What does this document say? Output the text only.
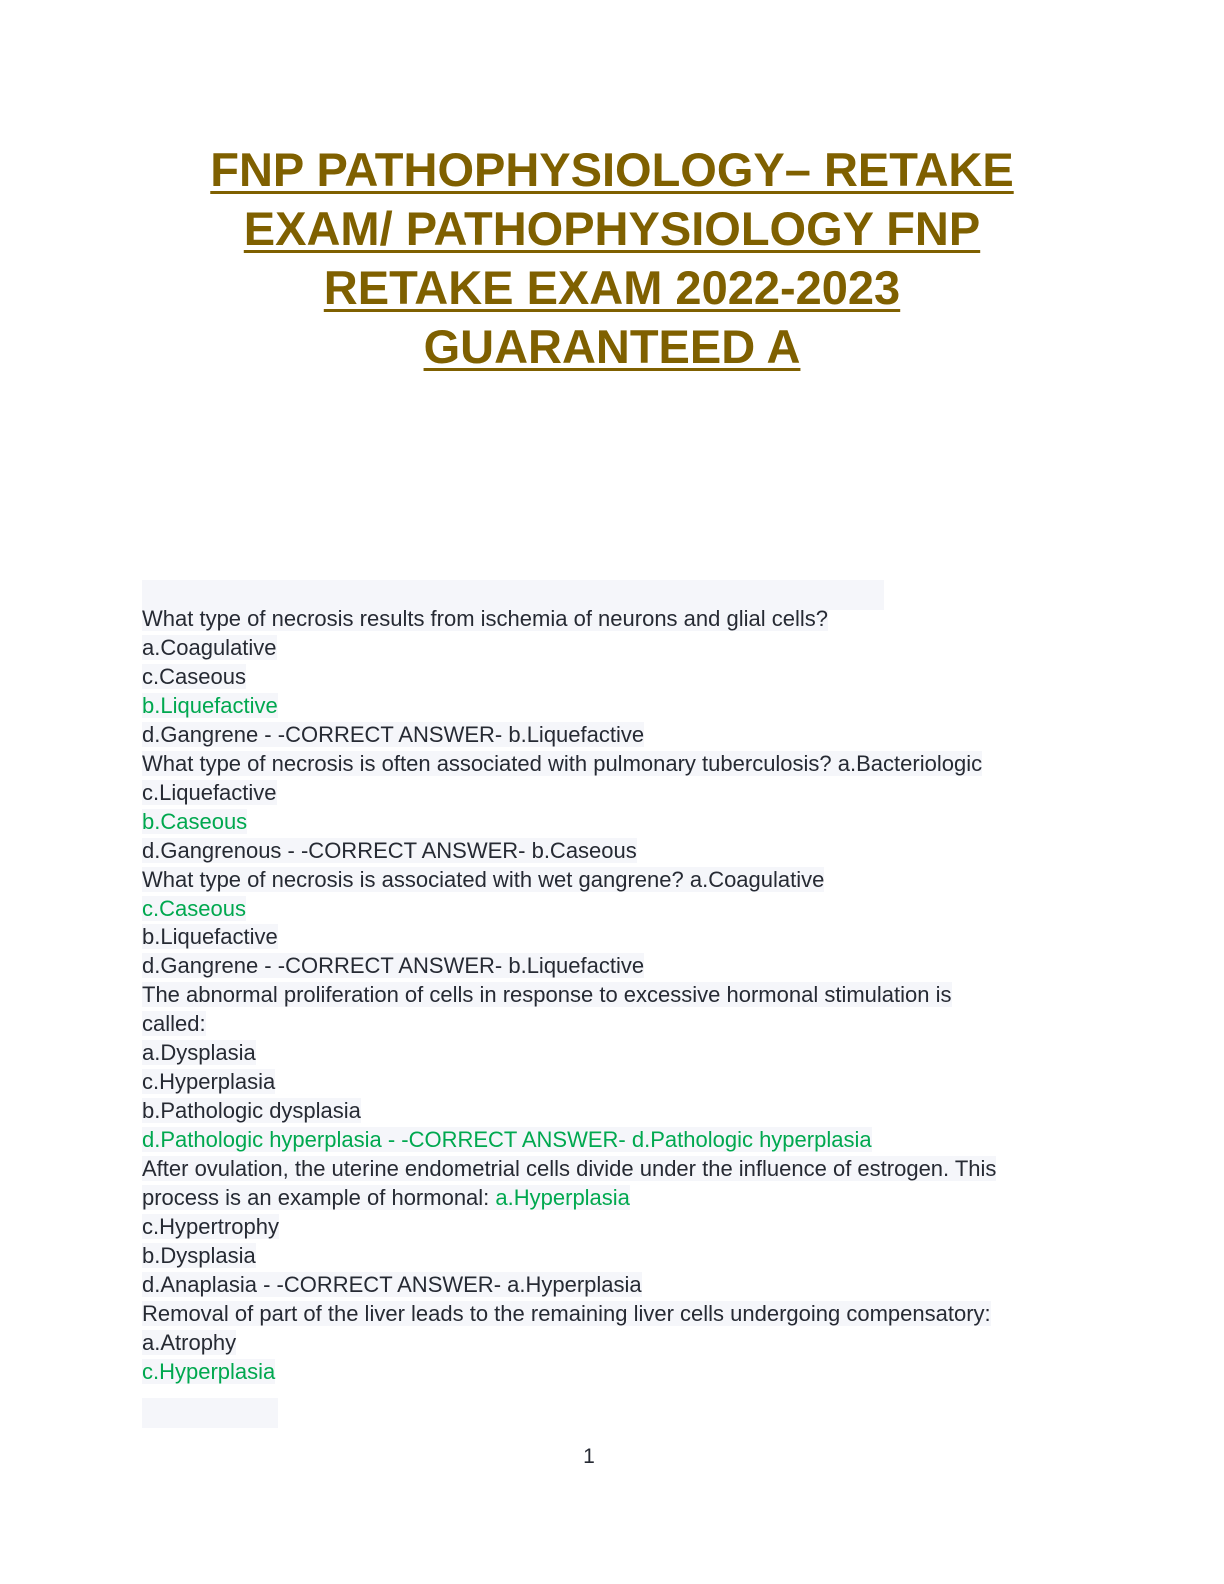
FNP PATHOPHYSIOLOGY– RETAKE
EXAM/ PATHOPHYSIOLOGY FNP
RETAKE EXAM 2022-2023
GUARANTEED A
What type of necrosis results from ischemia of neurons and glial cells?
a.Coagulative
c.Caseous
b.Liquefactive
d.Gangrene - -CORRECT ANSWER- b.Liquefactive
What type of necrosis is often associated with pulmonary tuberculosis? a.Bacteriologic
c.Liquefactive
b.Caseous
d.Gangrenous - -CORRECT ANSWER- b.Caseous
What type of necrosis is associated with wet gangrene? a.Coagulative
c.Caseous
b.Liquefactive
d.Gangrene - -CORRECT ANSWER- b.Liquefactive
The abnormal proliferation of cells in response to excessive hormonal stimulation is
called:
a.Dysplasia
c.Hyperplasia
b.Pathologic dysplasia
d.Pathologic hyperplasia - -CORRECT ANSWER- d.Pathologic hyperplasia
After ovulation, the uterine endometrial cells divide under the influence of estrogen. This
process is an example of hormonal: a.Hyperplasia
c.Hypertrophy
b.Dysplasia
d.Anaplasia - -CORRECT ANSWER- a.Hyperplasia
Removal of part of the liver leads to the remaining liver cells undergoing compensatory:
a.Atrophy
c.Hyperplasia
1
